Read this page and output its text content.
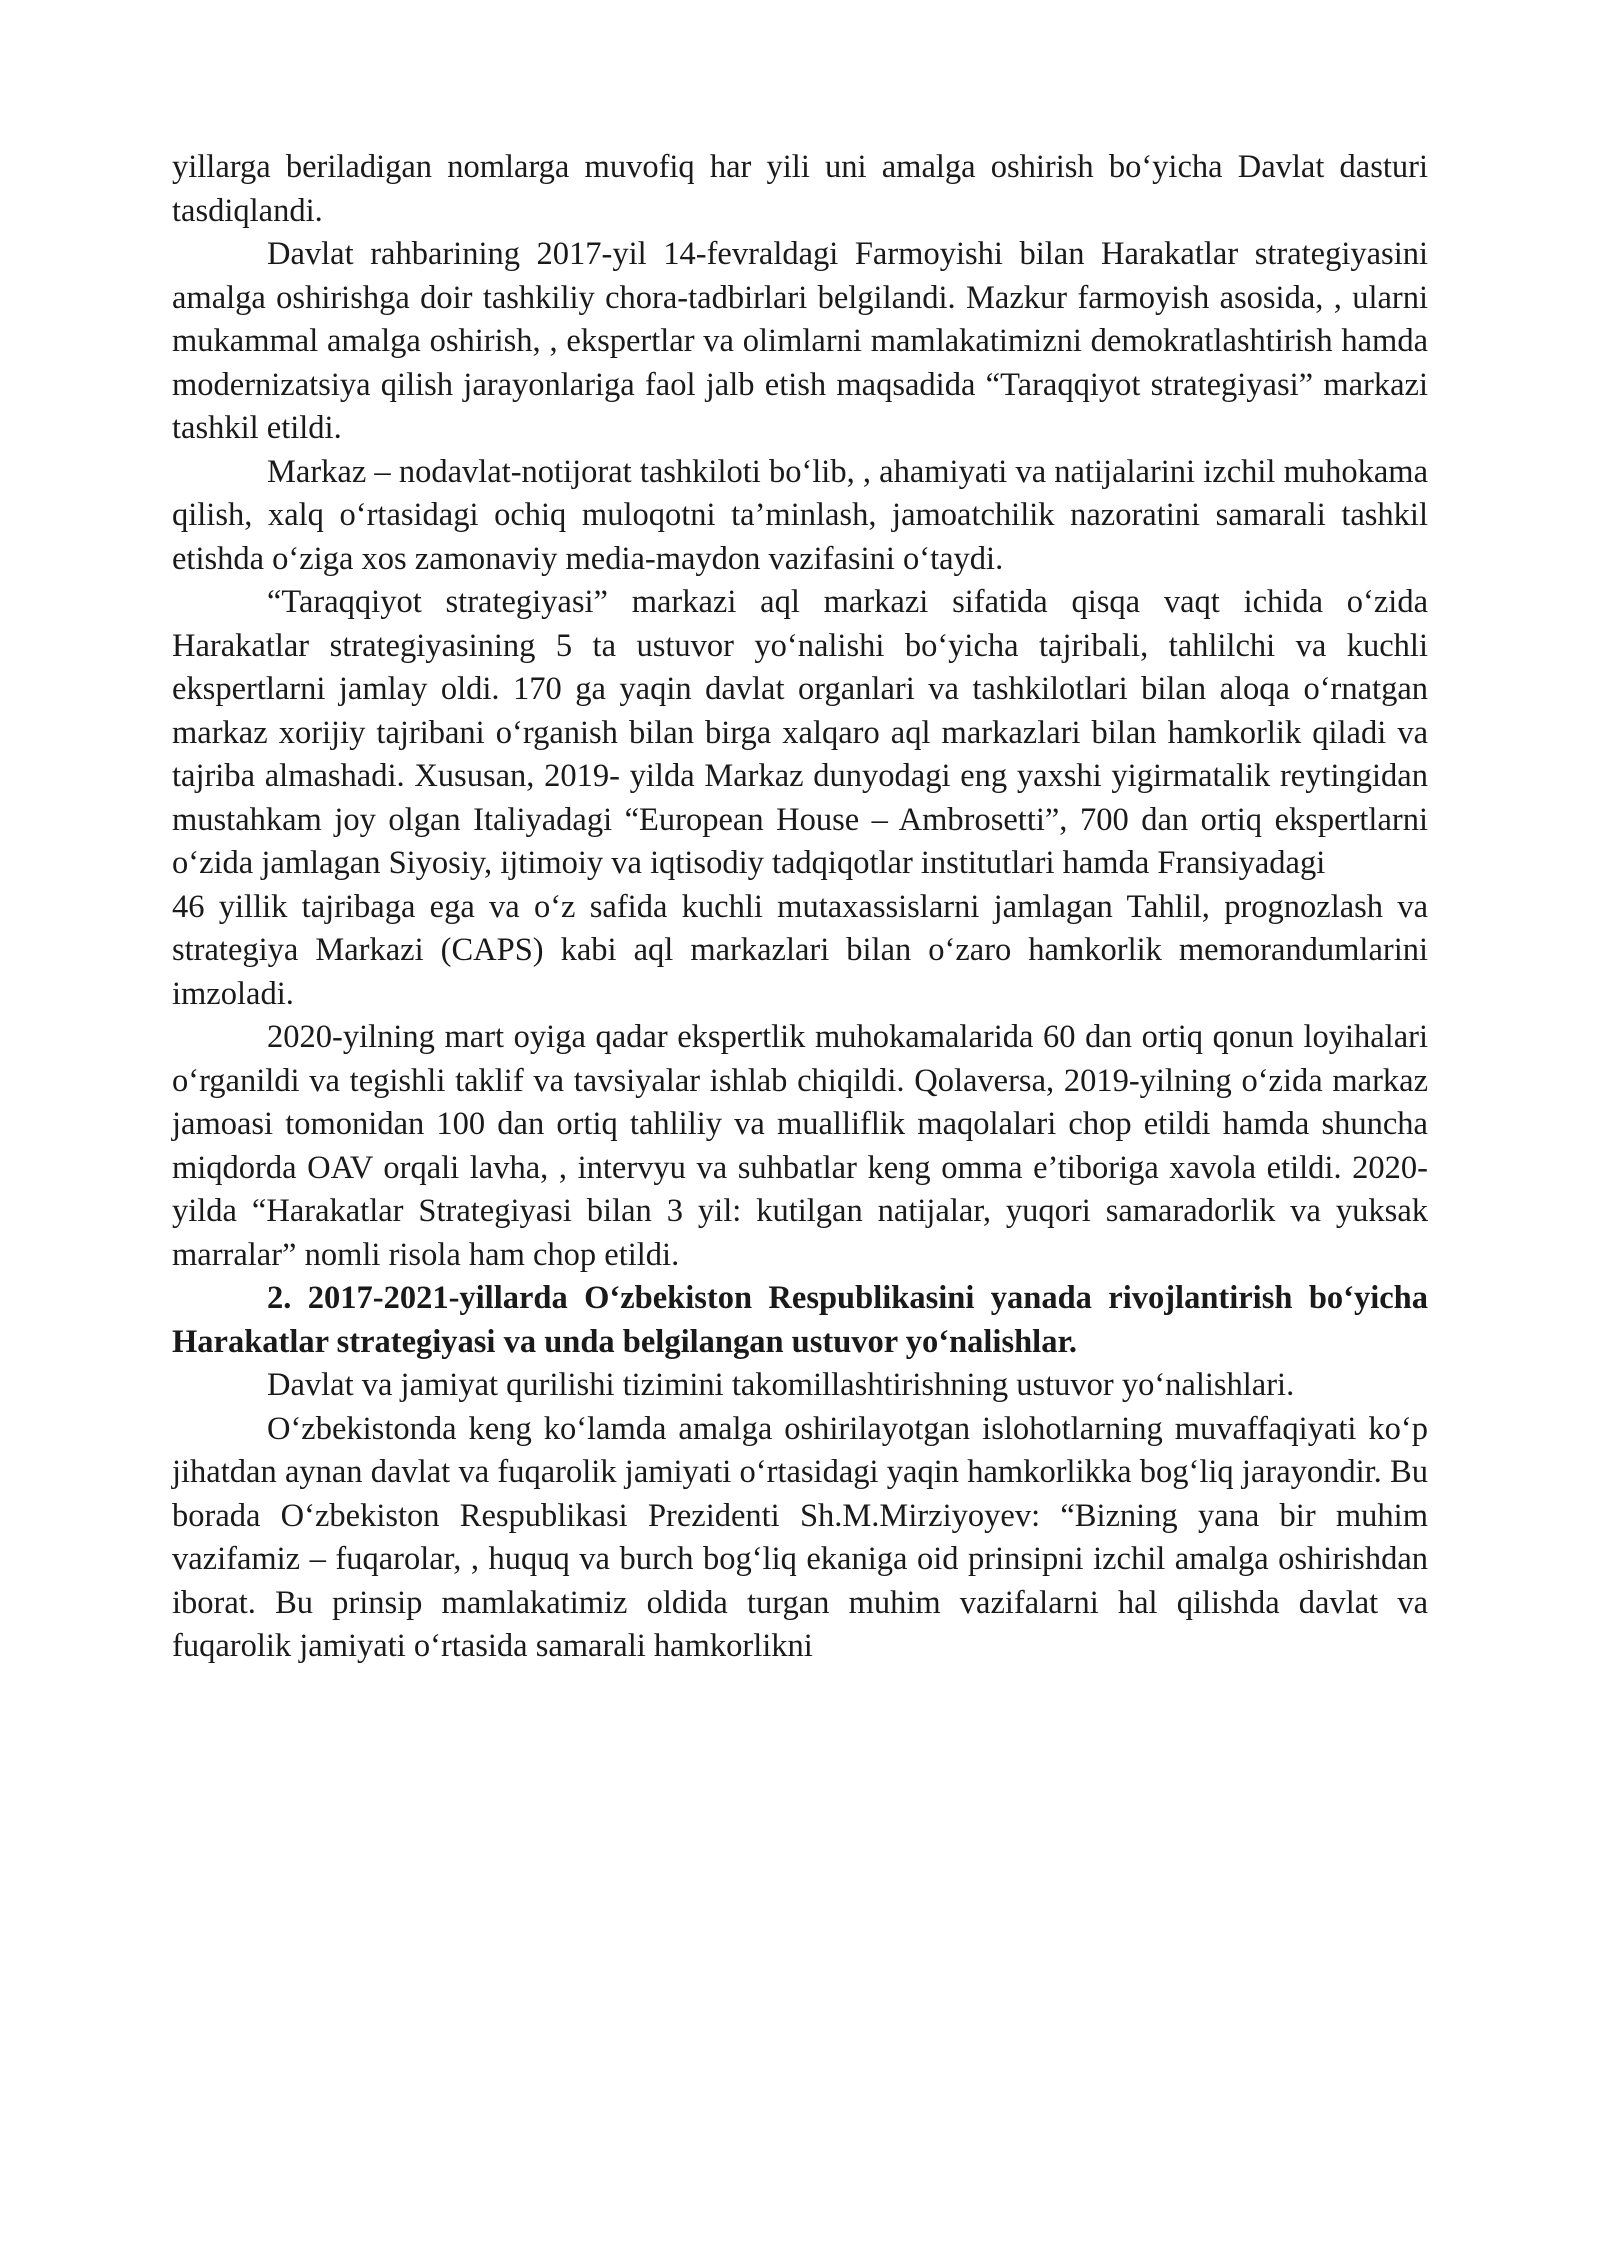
yillarga beriladigan nomlarga muvofiq har yili uni amalga oshirish bo‘yicha Davlat dasturi tasdiqlandi.

Davlat rahbarining 2017-yil 14-fevraldagi Farmoyishi bilan Harakatlar strategiyasini amalga oshirishga doir tashkiliy chora-tadbirlari belgilandi. Mazkur farmoyish asosida, , ularni mukammal amalga oshirish, , ekspertlar va olimlarni mamlakatimizni demokratlashtirish hamda modernizatsiya qilish jarayonlariga faol jalb etish maqsadida “Taraqqiyot strategiyasi” markazi tashkil etildi.

Markaz – nodavlat-notijorat tashkiloti bo‘lib, , ahamiyati va natijalarini izchil muhokama qilish, xalq o‘rtasidagi ochiq muloqotni ta’minlash, jamoatchilik nazoratini samarali tashkil etishda o‘ziga xos zamonaviy media-maydon vazifasini o‘taydi.

“Taraqqiyot strategiyasi” markazi aql markazi sifatida qisqa vaqt ichida o‘zida Harakatlar strategiyasining 5 ta ustuvor yo‘nalishi bo‘yicha tajribali, tahlilchi va kuchli ekspertlarni jamlay oldi. 170 ga yaqin davlat organlari va tashkilotlari bilan aloqa o‘rnatgan markaz xorijiy tajribani o‘rganish bilan birga xalqaro aql markazlari bilan hamkorlik qiladi va tajriba almashadi. Xususan, 2019- yilda Markaz dunyodagi eng yaxshi yigirmatalik reytingidan mustahkam joy olgan Italiyadagi “European House – Ambrosetti”, 700 dan ortiq ekspertlarni o‘zida jamlagan Siyosiy, ijtimoiy va iqtisodiy tadqiqotlar institutlari hamda Fransiyadagi

46 yillik tajribaga ega va o‘z safida kuchli mutaxassislarni jamlagan Tahlil, prognozlash va strategiya Markazi (CAPS) kabi aql markazlari bilan o‘zaro hamkorlik memorandumlarini imzoladi.

2020-yilning mart oyiga qadar ekspertlik muhokamalarida 60 dan ortiq qonun loyihalari o‘rganildi va tegishli taklif va tavsiyalar ishlab chiqildi. Qolaversa, 2019-yilning o‘zida markaz jamoasi tomonidan 100 dan ortiq tahliliy va mualliflik maqolalari chop etildi hamda shuncha miqdorda OAV orqali lavha, , intervyu va suhbatlar keng omma e’tiboriga xavola etildi. 2020-yilda “Harakatlar Strategiyasi bilan 3 yil: kutilgan natijalar, yuqori samaradorlik va yuksak marralar” nomli risola ham chop etildi.

2. 2017-2021-yillarda O‘zbekiston Respublikasini yanada rivojlantirish bo‘yicha Harakatlar strategiyasi va unda belgilangan ustuvor yo‘nalishlar.

Davlat va jamiyat qurilishi tizimini takomillashtirishning ustuvor yo‘nalishlari.

O‘zbekistonda keng ko‘lamda amalga oshirilayotgan islohotlarning muvaffaqiyati ko‘p jihatdan aynan davlat va fuqarolik jamiyati o‘rtasidagi yaqin hamkorlikka bog‘liq jarayondir. Bu borada O‘zbekiston Respublikasi Prezidenti Sh.M.Mirziyoyev: “Bizning yana bir muhim vazifamiz – fuqarolar, , huquq va burch bog‘liq ekaniga oid prinsipni izchil amalga oshirishdan iborat. Bu prinsip mamlakatimiz oldida turgan muhim vazifalarni hal qilishda davlat va fuqarolik jamiyati o‘rtasida samarali hamkorlikni
